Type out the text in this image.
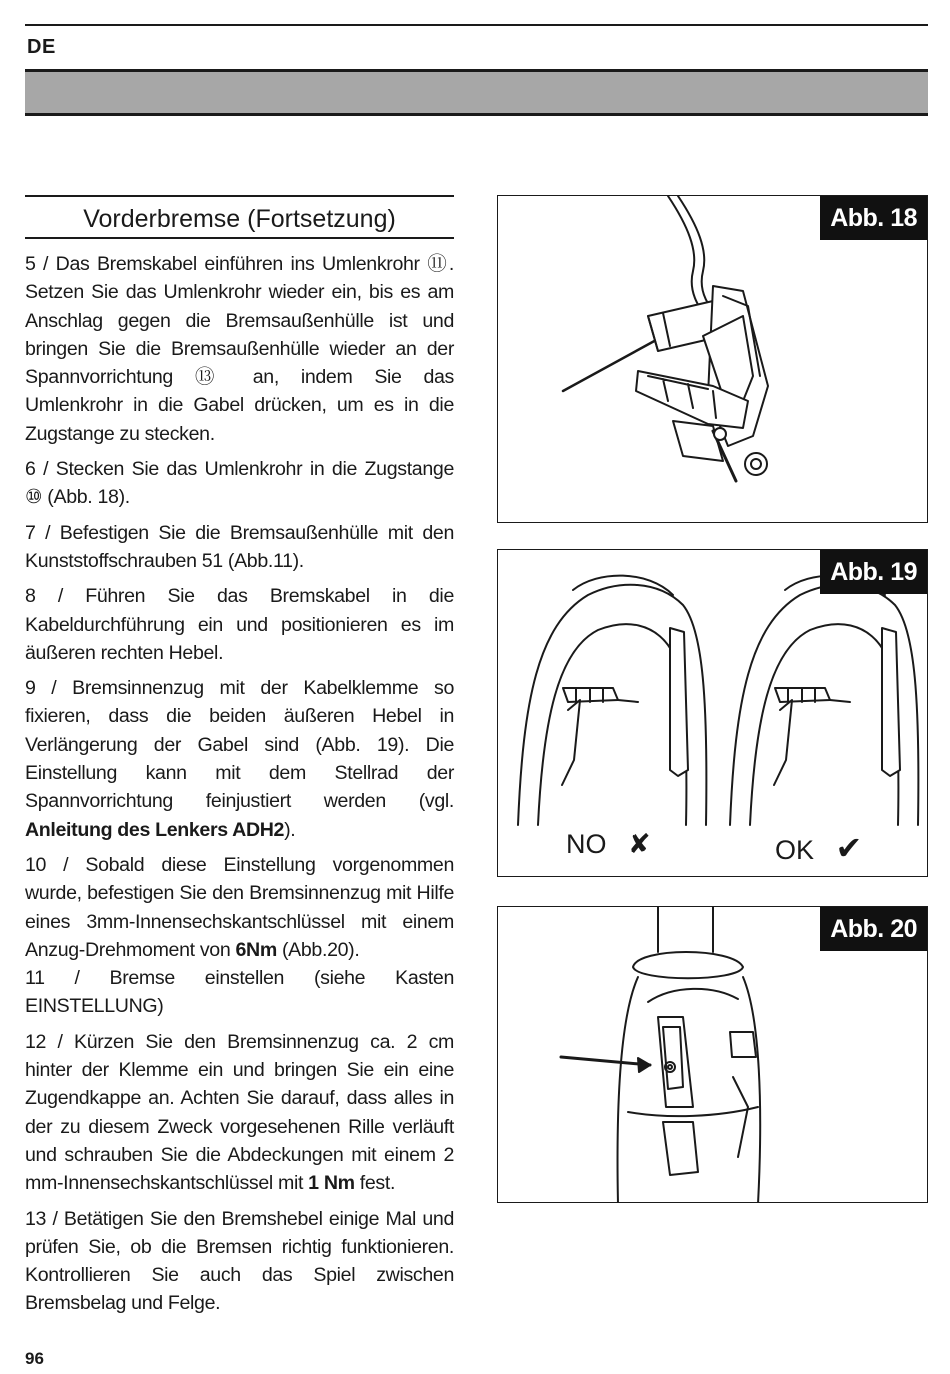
DE
Vorderbremse (Fortsetzung)

5 / Das Bremskabel einführen ins Umlenkrohr ⑪. Setzen Sie das Umlenkrohr wieder ein, bis es am Anschlag gegen die Bremsaußenhülle ist und bringen Sie die Bremsaußenhülle wieder an der Spannvorrichtung ⑬ an, indem Sie das Umlenkrohr in die Gabel drücken, um es in die Zugstange zu stecken.

6 / Stecken Sie das Umlenkrohr in die Zugstange ⑩ (Abb. 18).

7 / Befestigen Sie die Bremsaußenhülle mit den Kunststoffschrauben 51 (Abb.11).

8 / Führen Sie das Bremskabel in die Kabeldurchführung ein und positionieren es im äußeren rechten Hebel.

9 / Bremsinnenzug mit der Kabelklemme so fixieren, dass die beiden äußeren Hebel in Verlängerung der Gabel sind (Abb. 19). Die Einstellung kann mit dem Stellrad der Spannvorrichtung feinjustiert werden (vgl. Anleitung des Lenkers ADH2).

10 / Sobald diese Einstellung vorgenommen wurde, befestigen Sie den Bremsinnenzug mit Hilfe eines 3mm-Innensechskantschlüssel mit einem Anzug-Drehmoment von 6Nm (Abb.20).

11 / Bremse einstellen (siehe Kasten EINSTELLUNG)

12 / Kürzen Sie den Bremsinnenzug ca. 2 cm hinter der Klemme ein und bringen Sie ein eine Zugendkappe an. Achten Sie darauf, dass alles in der zu diesem Zweck vorgesehenen Rille verläuft und schrauben Sie die Abdeckungen mit einem 2 mm-Innensechskantschlüssel mit 1 Nm fest.

13 / Betätigen Sie den Bremshebel einige Mal und prüfen Sie, ob die Bremsen richtig funktionieren. Kontrollieren Sie auch das Spiel zwischen Bremsbelag und Felge.

96
Abb. 18
Abb. 19
NO ✘	OK ✔
Abb. 20
